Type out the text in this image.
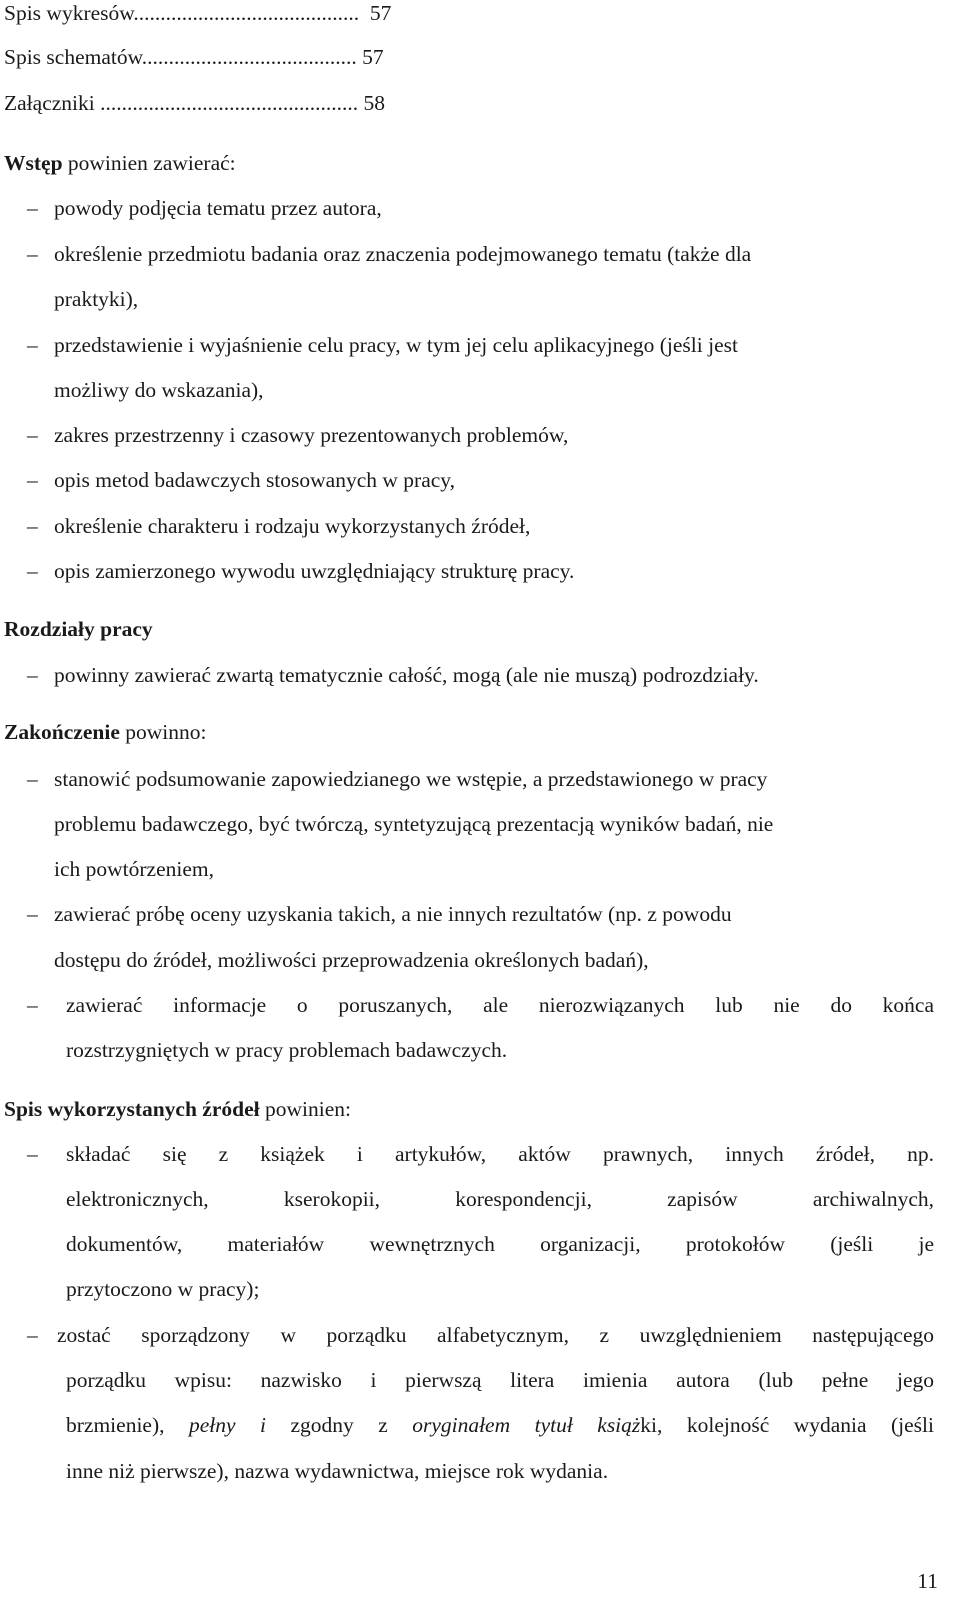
Spis wykresów.......................................... 57
Spis schematów........................................ 57
Załączniki ................................................ 58
Wstęp powinien zawierać:
– powody podjęcia tematu przez autora,
– określenie przedmiotu badania oraz znaczenia podejmowanego tematu (także dla
praktyki),
– przedstawienie i wyjaśnienie celu pracy, w tym jej celu aplikacyjnego (jeśli jest
możliwy do wskazania),
– zakres przestrzenny i czasowy prezentowanych problemów,
– opis metod badawczych stosowanych w pracy,
– określenie charakteru i rodzaju wykorzystanych źródeł,
– opis zamierzonego wywodu uwzględniający strukturę pracy.
Rozdziały pracy
– powinny zawierać zwartą tematycznie całość, mogą (ale nie muszą) podrozdziały.
Zakończenie powinno:
– stanowić podsumowanie zapowiedzianego we wstępie, a przedstawionego w pracy
problemu badawczego, być twórczą, syntetyzującą prezentacją wyników badań, nie
ich powtórzeniem,
– zawierać próbę oceny uzyskania takich, a nie innych rezultatów (np. z powodu
dostępu do źródeł, możliwości przeprowadzenia określonych badań),
– zawierać informacje o poruszanych, ale nierozwiązanych lub nie do końca
rozstrzygniętych w pracy problemach badawczych.
Spis wykorzystanych źródeł powinien:
– składać się z książek i artykułów, aktów prawnych, innych źródeł, np.
elektronicznych, kserokopii, korespondencji, zapisów archiwalnych,
dokumentów, materiałów wewnętrznych organizacji, protokołów (jeśli je
przytoczono w pracy);
– zostać sporządzony w porządku alfabetycznym, z uwzględnieniem następującego
porządku wpisu: nazwisko i pierwszą litera imienia autora (lub pełne jego
brzmienie), pełny i zgodny z oryginałem tytuł książki, kolejność wydania (jeśli
inne niż pierwsze), nazwa wydawnictwa, miejsce rok wydania.
11
